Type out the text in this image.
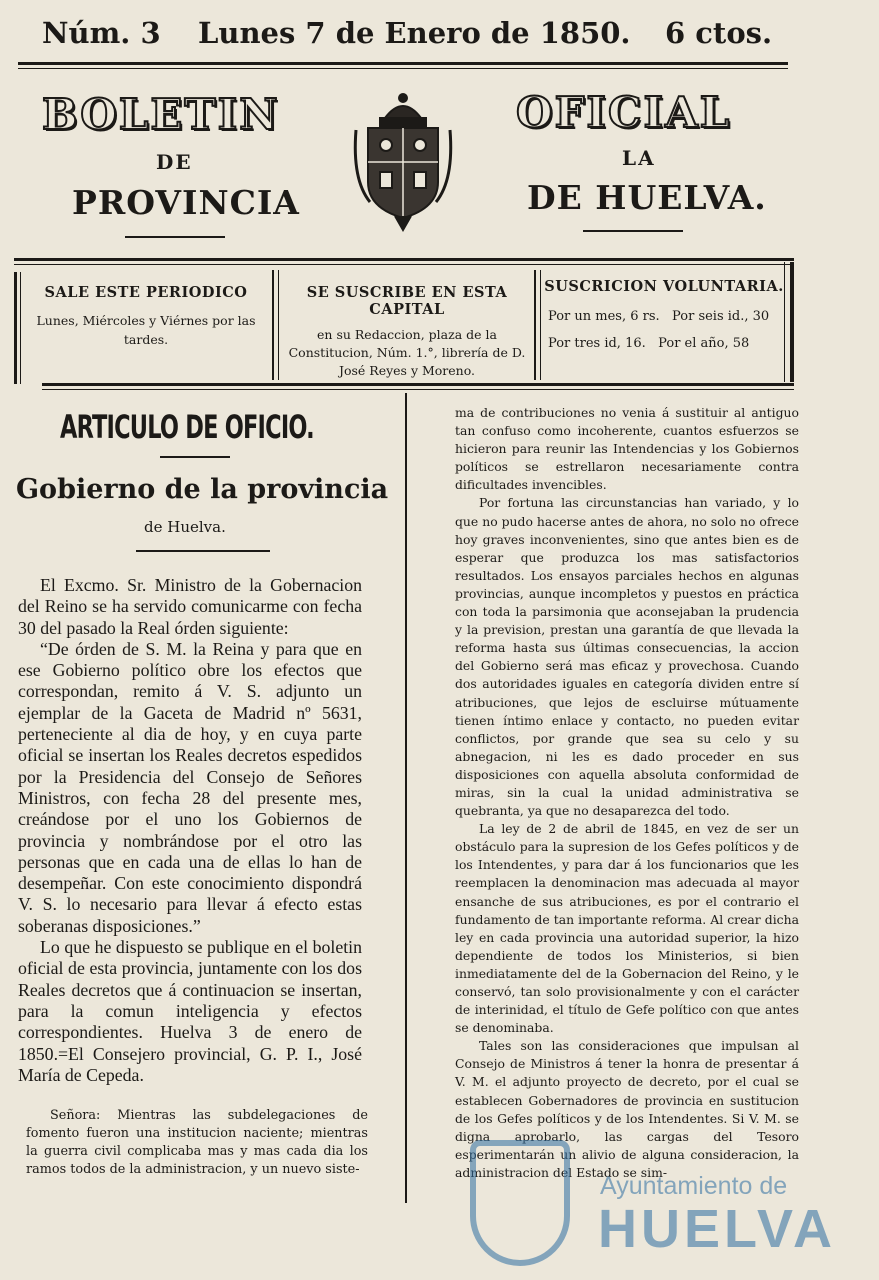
Núm. 3 Lunes 7 de Enero de 1850. 6 ctos.
BOLETIN
DE
PROVINCIA
OFICIAL
LA
DE HUELVA.
SALE ESTE PERIODICO
Lunes, Miércoles y Viérnes por las tardes.
SE SUSCRIBE EN ESTA CAPITAL
en su Redaccion, plaza de la Constitucion, Núm. 1.°, librería de D. José Reyes y Moreno.
SUSCRICION VOLUNTARIA.
Por un mes, 6 rs.   Por seis id., 30
Por tres id, 16.   Por el año, 58
ARTICULO DE OFICIO.
Gobierno de la provincia
de Huelva.

El Excmo. Sr. Ministro de la Gobernacion del Reino se ha servido comunicarme con fecha 30 del pasado la Real órden siguiente:

“De órden de S. M. la Reina y para que en ese Gobierno político obre los efectos que correspondan, remito á V. S. adjunto un ejemplar de la Gaceta de Madrid nº 5631, perteneciente al dia de hoy, y en cuya parte oficial se insertan los Reales decretos espedidos por la Presidencia del Consejo de Señores Ministros, con fecha 28 del presente mes, creándose por el uno los Gobiernos de provincia y nombrándose por el otro las personas que en cada una de ellas lo han de desempeñar. Con este conocimiento dispondrá V. S. lo necesario para llevar á efecto estas soberanas disposiciones.”

Lo que he dispuesto se publique en el boletin oficial de esta provincia, juntamente con los dos Reales decretos que á continuacion se insertan, para la comun inteligencia y efectos correspondientes. Huelva 3 de enero de 1850.=El Consejero provincial, G. P. I., José María de Cepeda.

Señora: Mientras las subdelegaciones de fomento fueron una institucion naciente; mientras la guerra civil complicaba mas y mas cada dia los ramos todos de la administracion, y un nuevo siste-

ma de contribuciones no venia á sustituir al antiguo tan confuso como incoherente, cuantos esfuerzos se hicieron para reunir las Intendencias y los Gobiernos políticos se estrellaron necesariamente contra dificultades invencibles.

Por fortuna las circunstancias han variado, y lo que no pudo hacerse antes de ahora, no solo no ofrece hoy graves inconvenientes, sino que antes bien es de esperar que produzca los mas satisfactorios resultados. Los ensayos parciales hechos en algunas provincias, aunque incompletos y puestos en práctica con toda la parsimonia que aconsejaban la prudencia y la prevision, prestan una garantía de que llevada la reforma hasta sus últimas consecuencias, la accion del Gobierno será mas eficaz y provechosa. Cuando dos autoridades iguales en categoría dividen entre sí atribuciones, que lejos de escluirse mútuamente tienen íntimo enlace y contacto, no pueden evitar conflictos, por grande que sea su celo y su abnegacion, ni les es dado proceder en sus disposiciones con aquella absoluta conformidad de miras, sin la cual la unidad administrativa se quebranta, ya que no desaparezca del todo.

La ley de 2 de abril de 1845, en vez de ser un obstáculo para la supresion de los Gefes políticos y de los Intendentes, y para dar á los funcionarios que les reemplacen la denominacion mas adecuada al mayor ensanche de sus atribuciones, es por el contrario el fundamento de tan importante reforma. Al crear dicha ley en cada provincia una autoridad superior, la hizo dependiente de todos los Ministerios, si bien inmediatamente del de la Gobernacion del Reino, y le conservó, tan solo provisionalmente y con el carácter de interinidad, el título de Gefe político con que antes se denominaba.

Tales son las consideraciones que impulsan al Consejo de Ministros á tener la honra de presentar á V. M. el adjunto proyecto de decreto, por el cual se establecen Gobernadores de provincia en sustitucion de los Gefes políticos y de los Intendentes. Si V. M. se digna aprobarlo, las cargas del Tesoro esperimentarán un alivio de alguna consideracion, la administracion del Estado se sim-

Ayuntamiento de
HUELVA
